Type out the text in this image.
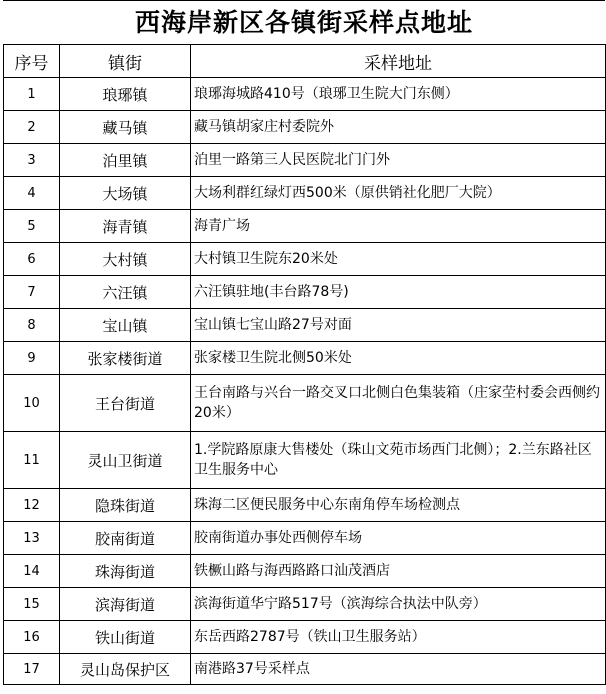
西海岸新区各镇街采样点地址
序号	镇街	采样地址
1	琅琊镇	琅琊海城路410号（琅琊卫生院大门东侧）
2	藏马镇	藏马镇胡家庄村委院外
3	泊里镇	泊里一路第三人民医院北门门外
4	大场镇	大场利群红绿灯西500米（原供销社化肥厂大院）
5	海青镇	海青广场
6	大村镇	大村镇卫生院东20米处
7	六汪镇	六汪镇驻地(丰台路78号)
8	宝山镇	宝山镇七宝山路27号对面
9	张家楼街道	张家楼卫生院北侧50米处
10	王台街道	王台南路与兴台一路交叉口北侧白色集装箱（庄家茔村委会西侧约20米）
11	灵山卫街道	1.学院路原康大售楼处（珠山文苑市场西门北侧）；2.兰东路社区卫生服务中心
12	隐珠街道	珠海二区便民服务中心东南角停车场检测点
13	胶南街道	胶南街道办事处西侧停车场
14	珠海街道	铁橛山路与海西路路口汕茂酒店
15	滨海街道	滨海街道华宁路517号（滨海综合执法中队旁）
16	铁山街道	东岳西路2787号（铁山卫生服务站）
17	灵山岛保护区	南港路37号采样点
